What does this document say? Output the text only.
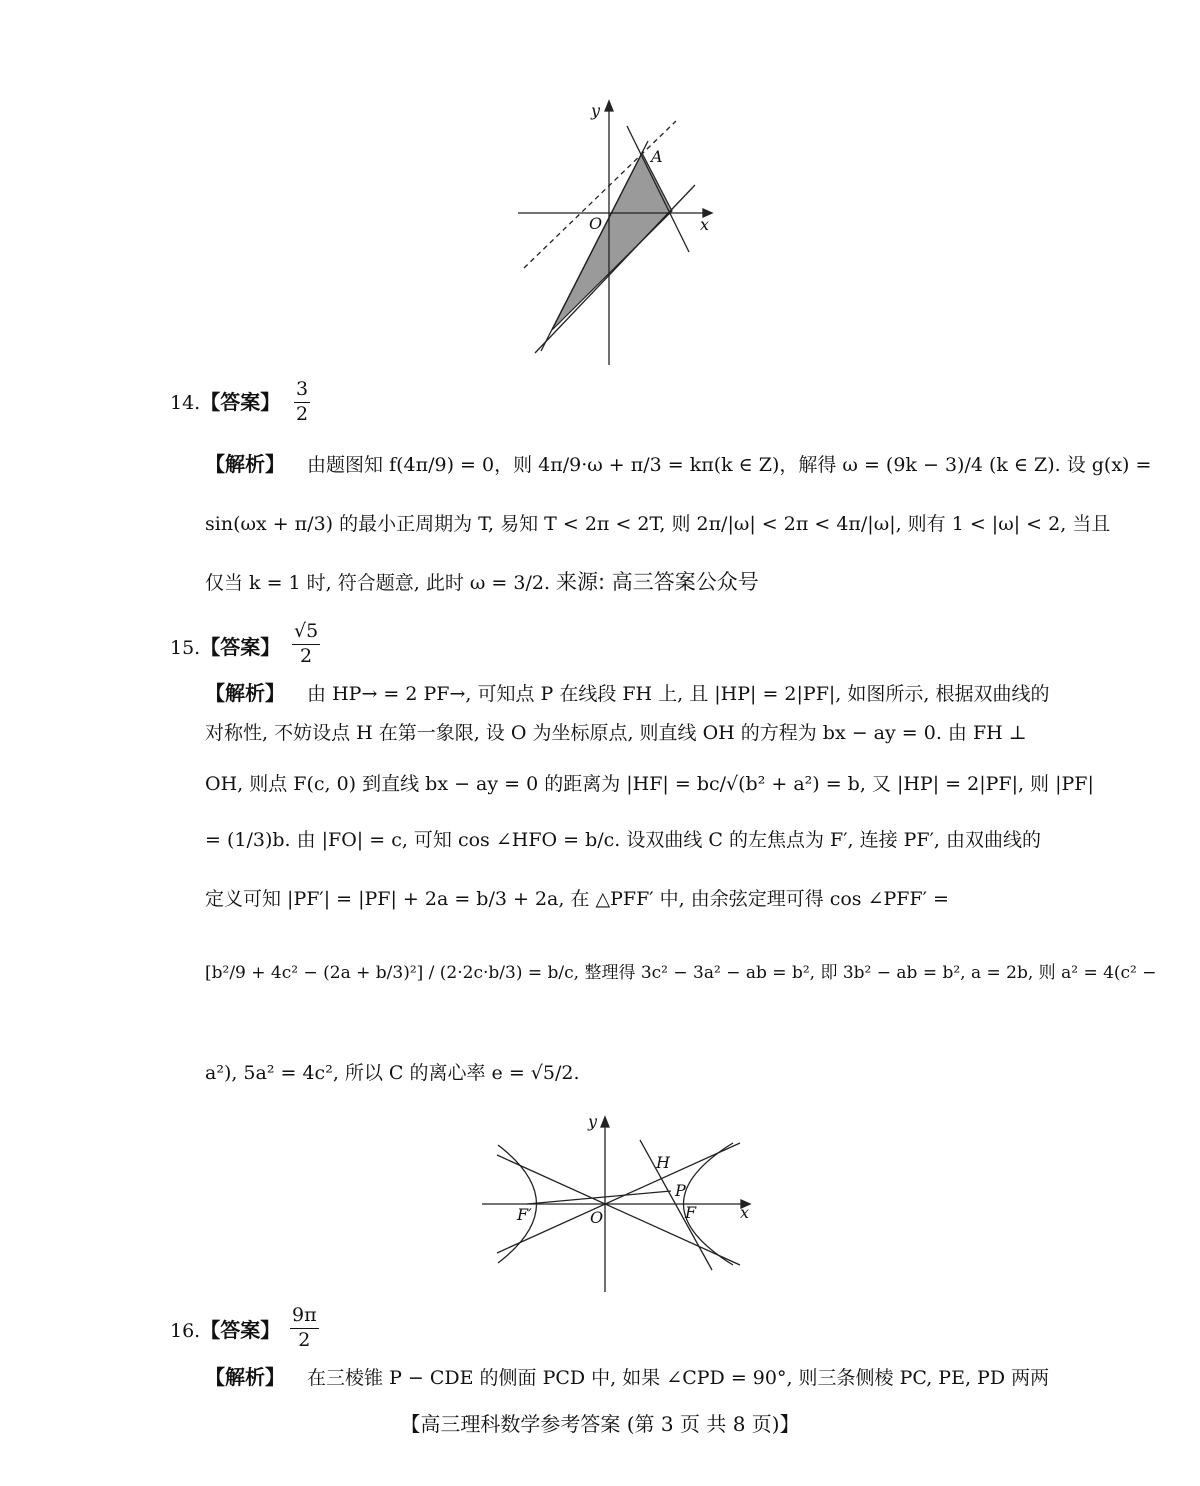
y
x
O
A
14.【答案】 $\frac{3}{2}$
【解析】 由题图知 f(4π/9) = 0，则 4π/9·ω + π/3 = kπ(k ∈ Z)，解得 ω = (9k − 3)/4 (k ∈ Z). 设 g(x) =
sin(ωx + π/3) 的最小正周期为 T, 易知 T < 2π < 2T, 则 2π/|ω| < 2π < 4π/|ω|, 则有 1 < |ω| < 2, 当且
仅当 k = 1 时, 符合题意, 此时 ω = 3/2. 来源: 高三答案公众号
15.【答案】 $\frac{√5}{2}$
【解析】 由 HP→ = 2 PF→, 可知点 P 在线段 FH 上, 且 |HP| = 2|PF|, 如图所示, 根据双曲线的
对称性, 不妨设点 H 在第一象限, 设 O 为坐标原点, 则直线 OH 的方程为 bx − ay = 0. 由 FH ⊥
OH, 则点 F(c, 0) 到直线 bx − ay = 0 的距离为 |HF| = bc/√(b² + a²) = b, 又 |HP| = 2|PF|, 则 |PF|
= (1/3)b. 由 |FO| = c, 可知 cos ∠HFO = b/c. 设双曲线 C 的左焦点为 F′, 连接 PF′, 由双曲线的
定义可知 |PF′| = |PF| + 2a = b/3 + 2a, 在 △PFF′ 中, 由余弦定理可得 cos ∠PFF′ =
[b²/9 + 4c² − (2a + b/3)²] / (2·2c·b/3) = b/c, 整理得 3c² − 3a² − ab = b², 即 3b² − ab = b², a = 2b, 则 a² = 4(c² −
a²), 5a² = 4c², 所以 C 的离心率 e = √5/2.
y
x
O
H
P
F
F′
16.【答案】 $\frac{9\pi}{2}$
【解析】 在三棱锥 P − CDE 的侧面 PCD 中, 如果 ∠CPD = 90°, 则三条侧棱 PC, PE, PD 两两
【高三理科数学参考答案 (第 3 页 共 8 页)】
